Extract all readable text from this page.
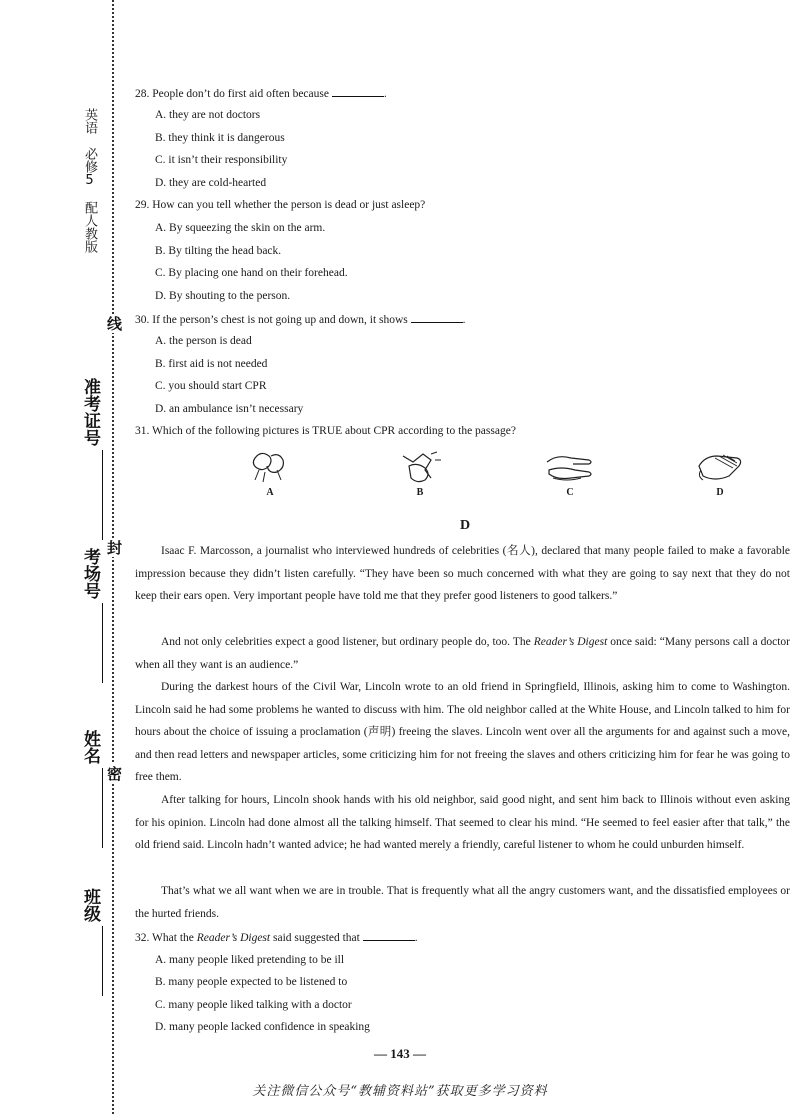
英语　必修5　配人教版
线
封
密
准考证号
考场号
姓名
班级
28. People don’t do first aid often because	.
A. they are not doctors
B. they think it is dangerous
C. it isn’t their responsibility
D. they are cold-hearted
29. How can you tell whether the person is dead or just asleep?
A. By squeezing the skin on the arm.
B. By tilting the head back.
C. By placing one hand on their forehead.
D. By shouting to the person.
30. If the person’s chest is not going up and down, it shows	.
A. the person is dead
B. first aid is not needed
C. you should start CPR
D. an ambulance isn’t necessary
31. Which of the following pictures is TRUE about CPR according to the passage?
A	B	C	D
D

Isaac F. Marcosson, a journalist who interviewed hundreds of celebrities (名人), declared that many people failed to make a favorable impression because they didn’t listen carefully. “They have been so much concerned with what they are going to say next that they do not keep their ears open. Very important people have told me that they prefer good listeners to good talkers.”

And not only celebrities expect a good listener, but ordinary people do, too. The Reader’s Digest once said: “Many persons call a doctor when all they want is an audience.”

During the darkest hours of the Civil War, Lincoln wrote to an old friend in Springfield, Illinois, asking him to come to Washington. Lincoln said he had some problems he wanted to discuss with him. The old neighbor called at the White House, and Lincoln talked to him for hours about the choice of issuing a proclamation (声明) freeing the slaves. Lincoln went over all the arguments for and against such a move, and then read letters and newspaper articles, some criticizing him for not freeing the slaves and others criticizing him for fear he was going to free them.

After talking for hours, Lincoln shook hands with his old neighbor, said good night, and sent him back to Illinois without even asking for his opinion. Lincoln had done almost all the talking himself. That seemed to clear his mind. “He seemed to feel easier after that talk,” the old friend said. Lincoln hadn’t wanted advice; he had wanted merely a friendly, careful listener to whom he could unburden himself.

That’s what we all want when we are in trouble. That is frequently what all the angry customers want, and the dissatisfied employees or the hurted friends.

32. What the Reader’s Digest said suggested that	.
A. many people liked pretending to be ill
B. many people expected to be listened to
C. many people liked talking with a doctor
D. many people lacked confidence in speaking
— 143 —
关注微信公众号“教辅资料站”获取更多学习资料
